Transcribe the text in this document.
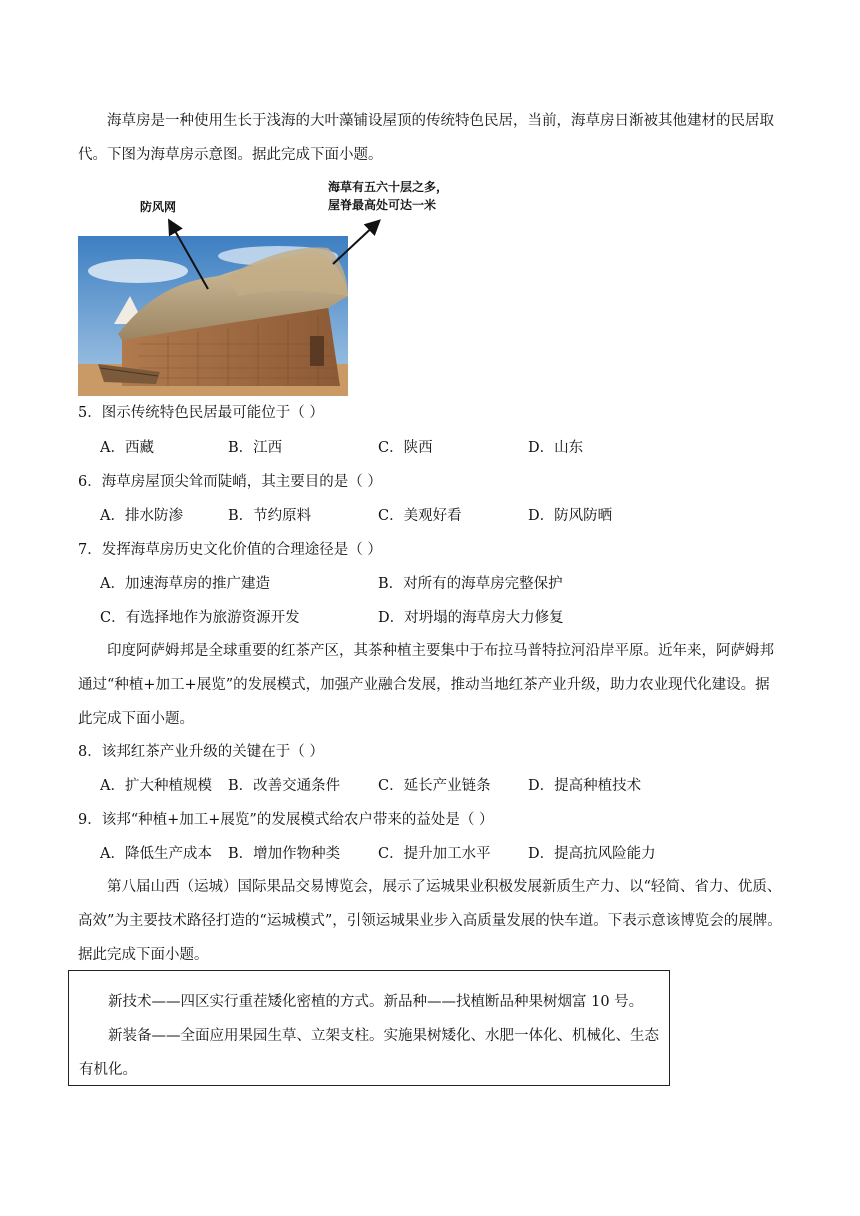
海草房是一种使用生长于浅海的大叶藻铺设屋顶的传统特色民居，当前，海草房日渐被其他建材的民居取代。下图为海草房示意图。据此完成下面小题。

防风网
海草有五六十层之多，
屋脊最高处可达一米
5．图示传统特色民居最可能位于（ ）
A．西藏	B．江西	C．陕西	D．山东
6．海草房屋顶尖耸而陡峭，其主要目的是（ ）
A．排水防渗	B．节约原料	C．美观好看	D．防风防晒
7．发挥海草房历史文化价值的合理途径是（ ）
A．加速海草房的推广建造	B．对所有的海草房完整保护
C．有选择地作为旅游资源开发	D．对坍塌的海草房大力修复

印度阿萨姆邦是全球重要的红茶产区，其茶种植主要集中于布拉马普特拉河沿岸平原。近年来，阿萨姆邦通过“种植+加工+展览”的发展模式，加强产业融合发展，推动当地红茶产业升级，助力农业现代化建设。据此完成下面小题。

8．该邦红茶产业升级的关键在于（ ）
A．扩大种植规模 B．改善交通条件	C．延长产业链条	D．提高种植技术
9．该邦“种植+加工+展览”的发展模式给农户带来的益处是（ ）
A．降低生产成本 B．增加作物种类	C．提升加工水平	D．提高抗风险能力

第八届山西（运城）国际果品交易博览会，展示了运城果业积极发展新质生产力、以“轻简、省力、优质、高效”为主要技术路径打造的“运城模式”，引领运城果业步入高质量发展的快车道。下表示意该博览会的展牌。据此完成下面小题。

新技术——四区实行重茬矮化密植的方式。新品种——找植断品种果树烟富 10 号。

新装备——全面应用果园生草、立架支柱。实施果树矮化、水肥一体化、机械化、生态有机化。
